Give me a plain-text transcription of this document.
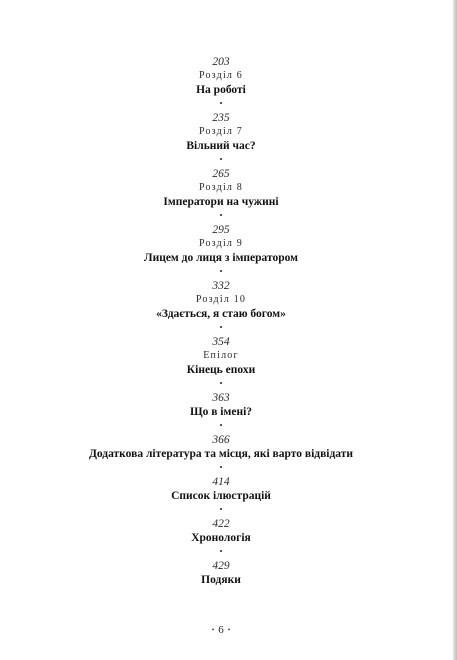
203
Розділ 6
На роботі
•
235
Розділ 7
Вільний час?
•
265
Розділ 8
Імператори на чужині
•
295
Розділ 9
Лицем до лиця з імператором
•
332
Розділ 10
«Здається, я стаю богом»
•
354
Епілог
Кінець епохи
•
363
Що в імені?
•
366
Додаткова література та місця, які варто відвідати
•
414
Список ілюстрацій
•
422
Хронологія
•
429
Подяки
• 6 •
